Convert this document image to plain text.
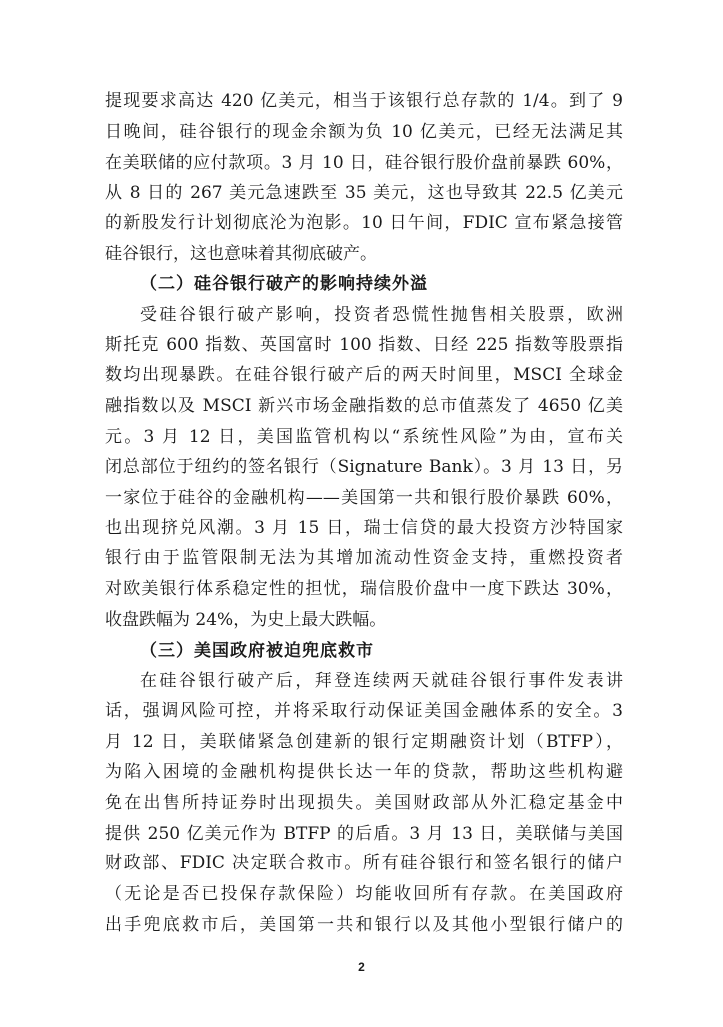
提现要求高达 420 亿美元，相当于该银行总存款的 1/4。到了 9
日晚间，硅谷银行的现金余额为负 10 亿美元，已经无法满足其
在美联储的应付款项。3 月 10 日，硅谷银行股价盘前暴跌 60%，
从 8 日的 267 美元急速跌至 35 美元，这也导致其 22.5 亿美元
的新股发行计划彻底沦为泡影。10 日午间，FDIC 宣布紧急接管
硅谷银行，这也意味着其彻底破产。
（二）硅谷银行破产的影响持续外溢
受硅谷银行破产影响，投资者恐慌性抛售相关股票，欧洲
斯托克 600 指数、英国富时 100 指数、日经 225 指数等股票指
数均出现暴跌。在硅谷银行破产后的两天时间里，MSCI 全球金
融指数以及 MSCI 新兴市场金融指数的总市值蒸发了 4650 亿美
元。3 月 12 日，美国监管机构以“系统性风险”为由，宣布关
闭总部位于纽约的签名银行（Signature Bank）。3 月 13 日，另
一家位于硅谷的金融机构——美国第一共和银行股价暴跌 60%，
也出现挤兑风潮。3 月 15 日，瑞士信贷的最大投资方沙特国家
银行由于监管限制无法为其增加流动性资金支持，重燃投资者
对欧美银行体系稳定性的担忧，瑞信股价盘中一度下跌达 30%，
收盘跌幅为 24%，为史上最大跌幅。
（三）美国政府被迫兜底救市
在硅谷银行破产后，拜登连续两天就硅谷银行事件发表讲
话，强调风险可控，并将采取行动保证美国金融体系的安全。3
月 12 日，美联储紧急创建新的银行定期融资计划（BTFP），
为陷入困境的金融机构提供长达一年的贷款，帮助这些机构避
免在出售所持证券时出现损失。美国财政部从外汇稳定基金中
提供 250 亿美元作为 BTFP 的后盾。3 月 13 日，美联储与美国
财政部、FDIC 决定联合救市。所有硅谷银行和签名银行的储户
（无论是否已投保存款保险）均能收回所有存款。在美国政府
出手兜底救市后，美国第一共和银行以及其他小型银行储户的
2
